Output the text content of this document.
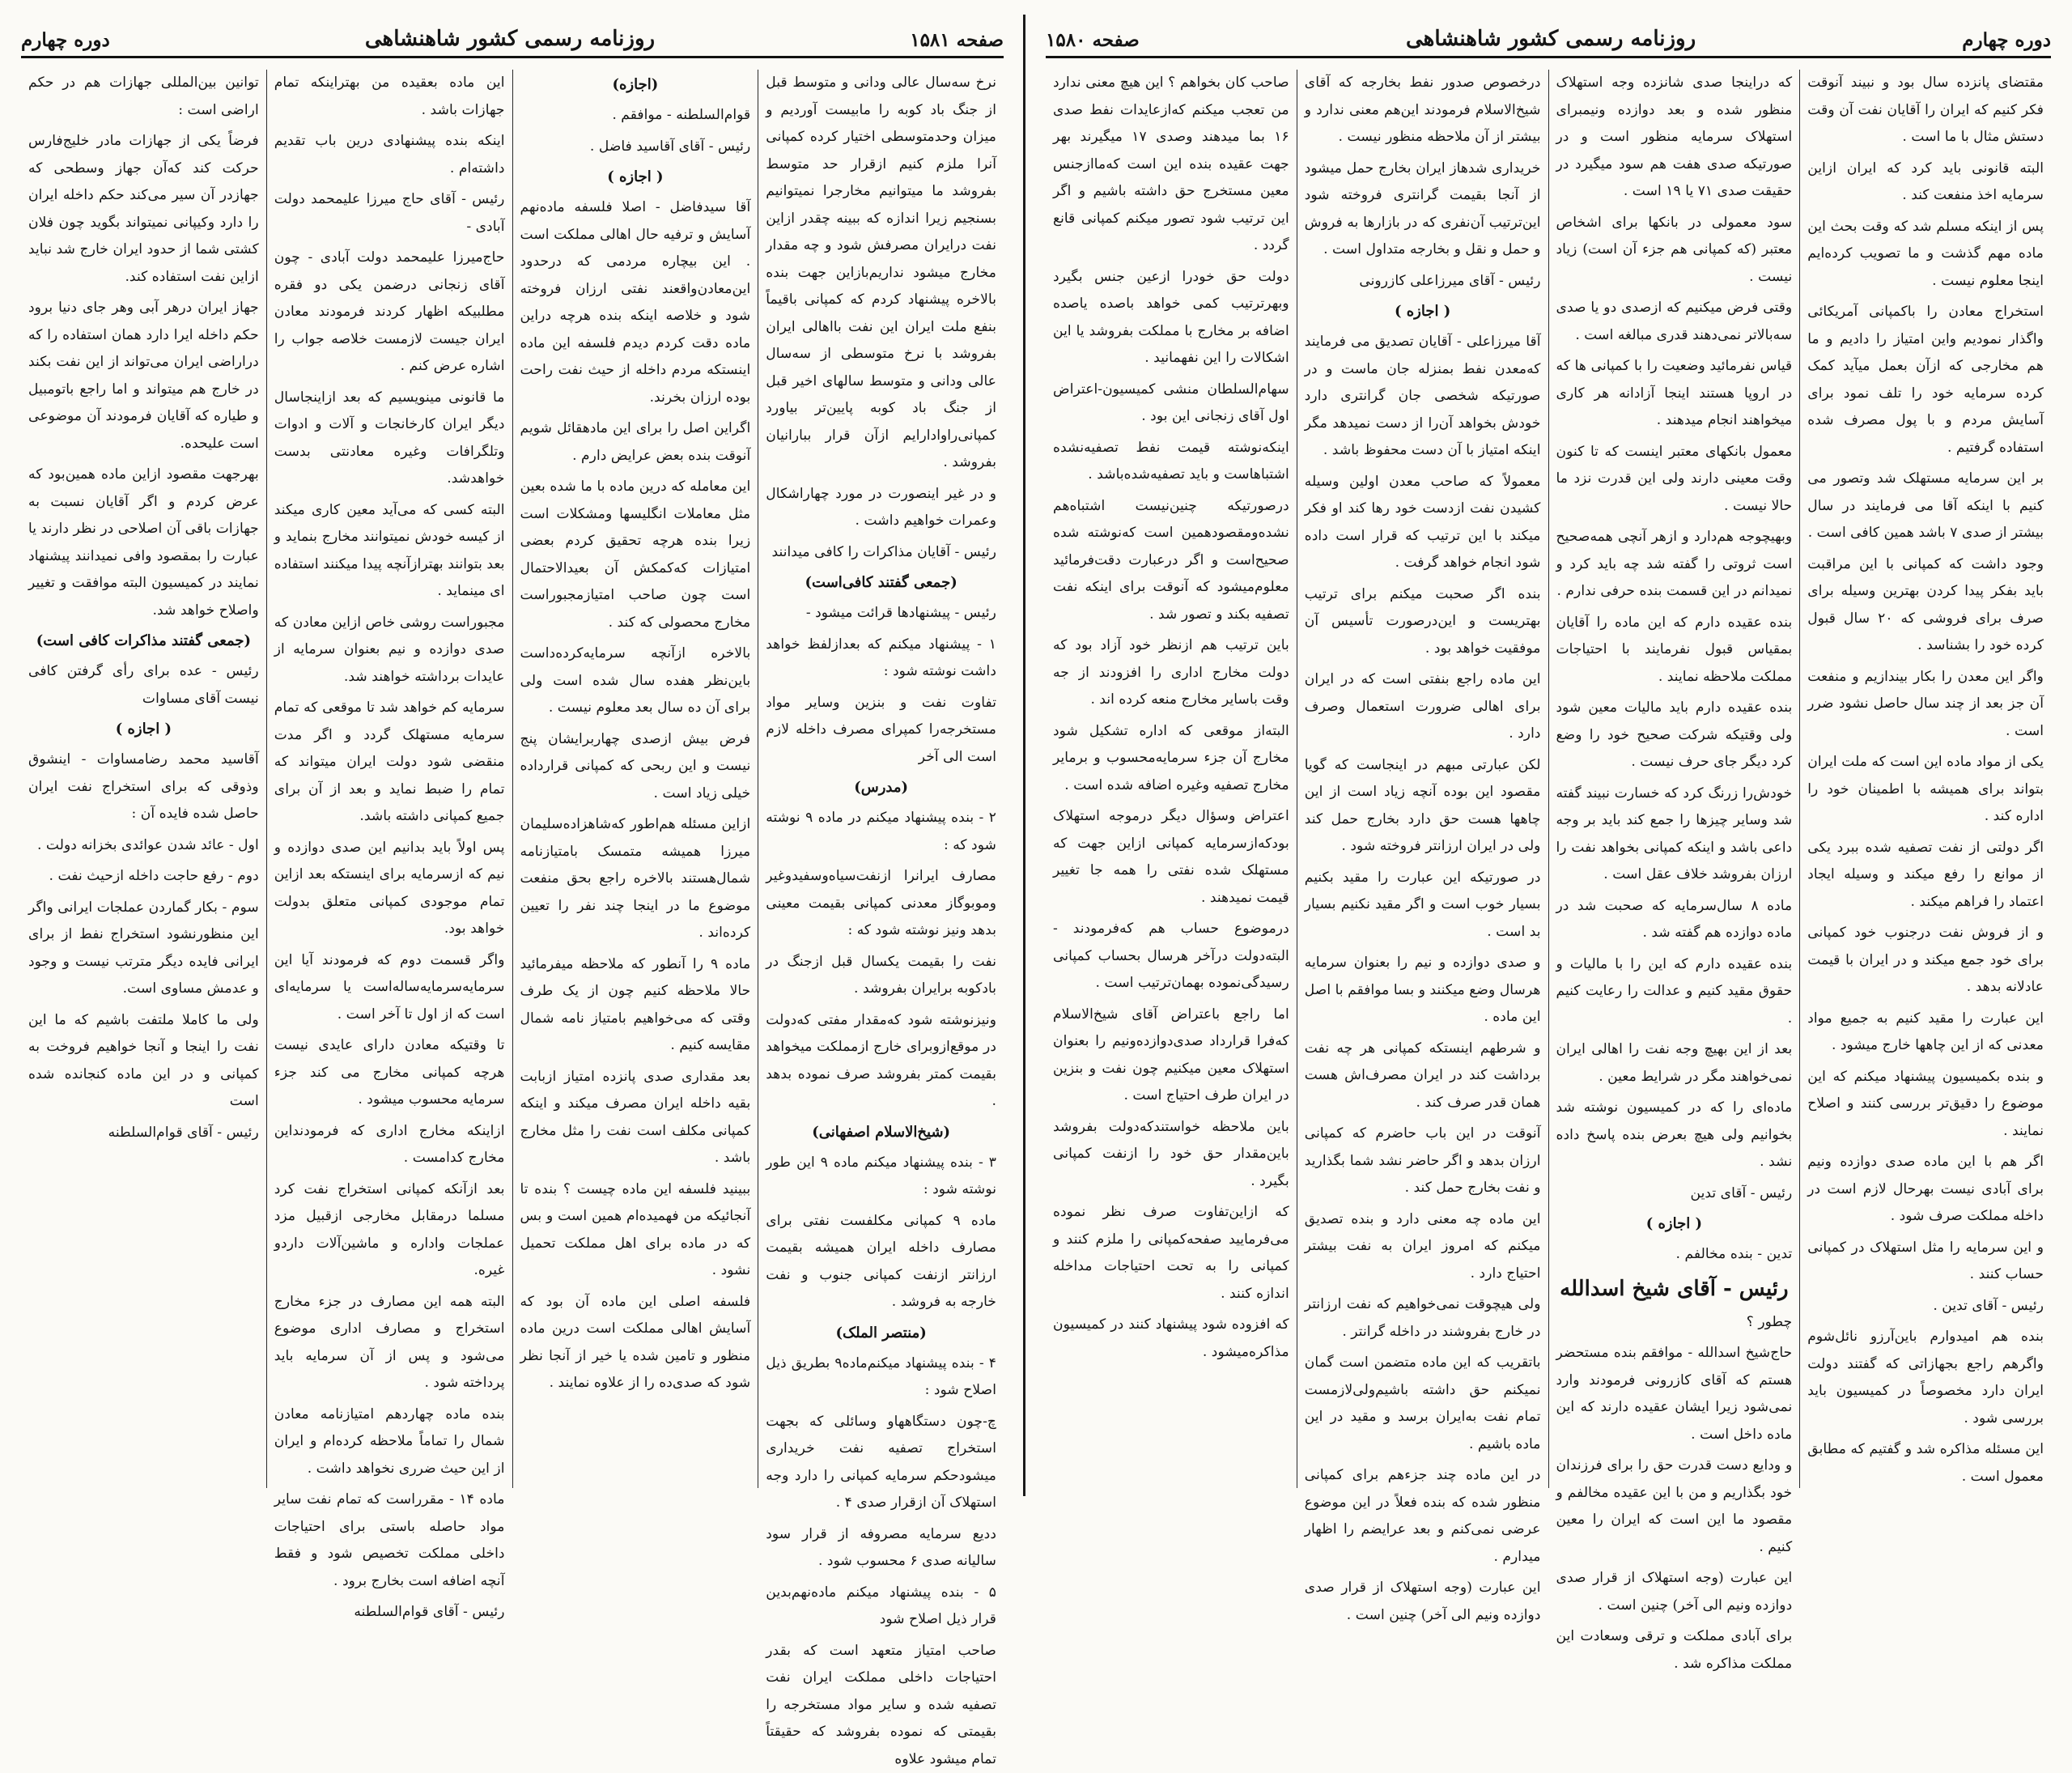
صفحه ۱۵۸۱
روزنامه رسمی کشور شاهنشاهی
دوره چهارم

نرخ سه‌سال عالی ودانی و متوسط قبل از جنگ باد کوبه را مابیست آوردیم و میزان وحدمتوسطی اختیار کرده کمپانی آنرا ملزم کنیم ازقرار حد متوسط بفروشد ما میتوانیم مخارجرا نمیتوانیم بسنجیم زیرا اندازه که ببینه چقدر ازاین نفت درایران مصرفش شود و چه مقدار مخارج میشود نداریم‌بازاین جهت بنده بالاخره پیشنهاد کردم که کمپانی باقیماً بنفع ملت ایران این نفت بااهالی ایران بفروشد با نرخ متوسطی از سه‌سال عالی ودانی و متوسط سالهای اخیر قبل از جنگ باد کوبه پایین‌تر بیاورد کمپانی‌راوادارایم ازآن قرار ببارانیان بفروشد .

و در غیر اینصورت در مورد چهاراشکال وعمرات خواهیم داشت .

رئیس - آقایان مذاکرات را کافی میدانند

(جمعی گفتند کافی‌است)

رئیس - پیشنهادها قرائت میشود -

۱ - پیشنهاد میکنم که بعدازلفظ خواهد داشت نوشته شود :

تفاوت نفت و بنزین وسایر مواد مستخرجه‌را کمپرای مصرف داخله لازم است الی آخر

(مدرس)

۲ - بنده پیشنهاد میکنم در ماده ۹ نوشته شود که :

مصارف ایرانرا ازنفت‌سیاه‌وسفیدوغیر وموبوگاز معدنی کمپانی بقیمت معینی بدهد ونیز نوشته شود که :

نفت را بقیمت یکسال قبل ازجنگ در بادکوبه برایران بفروشد .

ونیزنوشته شود که‌مقدار مفتی که‌دولت در موقع‌ازوبرای خارج ازمملکت میخواهد بقیمت کمتر بفروشد صرف نموده بدهد .

(شیخ‌الاسلام اصفهانی)

۳ - بنده پیشنهاد میکنم ماده ۹ این طور نوشته شود :

ماده ۹ کمپانی مکلفست نفتی برای مصارف داخله ایران همیشه بقیمت ارزانتر ازنفت کمپانی جنوب و نفت خارجه به فروشد .

(منتصر الملک)

۴ - بنده پیشنهاد میکنم‌ماده۹ بطریق ذیل اصلاح شود :

چ-چون دستگاههاو وسائلی که بجهت استخراج تصفیه نفت خریداری میشودحکم سرمایه کمپانی را دارد وجه استهلاک آن ازقرار صدی ۴ .

ددیع سرمایه مصروفه از قرار سود سالیانه صدی ۶ محسوب شود .

۵ - بنده پیشنهاد میکنم ماده‌نهم‌بدین قرار ذیل اصلاح شود

صاحب امتیاز متعهد است که بقدر احتیاجات داخلی مملکت ایران نفت تصفیه شده و سایر مواد مستخرجه را بقیمتی که نموده بفروشد که حقیقتاً تمام میشود علاوه

(اجازه)

قوام‌السلطنه - موافقم .

رئیس - آقای آقاسید فاضل .

( اجازه )

آقا سیدفاضل - اصلا فلسفه ماده‌نهم آسایش و ترفیه حال اهالی مملکت است . این بیچاره مردمی که درحدود این‌معادن‌واقعند نفتی ارزان فروخته شود و خلاصه اینکه بنده هرچه دراین ماده دقت کردم دیدم فلسفه این ماده اینستکه مردم داخله از حیث نفت راحت بوده ارزان بخرند.

اگراین اصل را برای این مادهقائل شویم آنوقت بنده بعض عرایض دارم .

این معامله که درین ماده با ما شده بعین مثل معاملات انگلیسها ومشکلات است زیرا بنده هرچه تحقیق کردم بعضی امتیازات که‌کمکش آن بعیدالاحتمال است چون صاحب امتیازمجبوراست مخارج محصولی که کند .

بالاخره ازآنچه سرمایه‌کرده‌داست باین‌نظر هفده سال شده است ولی برای آن ده سال بعد معلوم نیست .

فرض بیش ازصدی چهاربرایشان پنج نیست و این ربحی که کمپانی قرارداده خیلی زیاد است .

ازاین مسئله هم‌اطور که‌شاهزاده‌سلیمان میرزا همیشه متمسک بامتیازنامه شمال‌هستند بالاخره راجع بحق منفعت موضوع ما در اینجا چند نفر را تعیین کرده‌اند .

ماده ۹ را آنطور که ملاحظه میفرمائید حالا ملاحظه کنیم چون از یک طرف وقتی که می‌خواهیم بامتیاز نامه شمال مقایسه کنیم .

بعد مقداری صدی پانزده امتیاز ازبابت بقیه داخله ایران مصرف میکند و اینکه کمپانی مکلف است نفت را مثل مخارج باشد .

ببینید فلسفه این ماده چیست ؟ بنده تا آنجائیکه من فهمیده‌ام همین است و بس که در ماده برای اهل مملکت تحمیل نشود .

فلسفه اصلی این ماده آن بود که آسایش اهالی مملکت است درین ماده منظور و تامین شده یا خیر از آنجا نظر شود که صدی‌ده را از علاوه نمایند .

این ماده بعقیده من بهتراینکه تمام جهازات باشد .

اینکه بنده پیشنهادی درین باب تقدیم داشته‌ام .

رئیس - آقای حاج میرزا علیمحمد دولت آبادی -

حاج‌میرزا علیمحمد دولت آبادی - چون آقای زنجانی درضمن یکی دو فقره مطلبیکه اظهار کردند فرمودند معادن ایران جیست لازمست خلاصه جواب را اشاره عرض کنم .

ما قانونی مینویسیم که بعد ازاینجاسال دیگر ایران کارخانجات و آلات و ادوات وتلگرافات وغیره معادنتی بدست خواهدشد.

البته کسی که می‌آید معین کاری میکند از کیسه خودش نمیتوانند مخارج بنماید و بعد بتوانند بهترازآنچه پیدا میکنند استفاده ای مینماید .

مجبوراست روشی خاص ازاین معادن که صدی دوازده و نیم بعنوان سرمایه از عایدات برداشته خواهند شد.

سرمایه کم خواهد شد تا موقعی که تمام سرمایه مستهلک گردد و اگر مدت منقضی شود دولت ایران میتواند که تمام را ضبط نماید و بعد از آن برای جمیع کمپانی داشته باشد.

پس اولاً باید بدانیم این صدی دوازده و نیم که ازسرمایه برای اینستکه بعد ازاین تمام موجودی کمپانی متعلق بدولت خواهد بود.

واگر قسمت دوم که فرمودند آیا این سرمایه‌سرمایه‌ساله‌است یا سرمایه‌ای است که از اول تا آخر است .

تا وقتیکه معادن دارای عایدی نیست هرچه کمپانی مخارج می کند جزء سرمایه محسوب میشود .

ازاینکه مخارج اداری که فرمودنداین مخارج کدامست .

بعد ازآنکه کمپانی استخراج نفت کرد مسلما درمقابل مخارجی ازقبیل مزد عملجات واداره و ماشین‌آلات داردو غیره.

البته همه این مصارف در جزء مخارج استخراج و مصارف اداری موضوع می‌شود و پس از آن سرمایه باید پرداخته شود .

بنده ماده چهاردهم امتیازنامه معادن شمال را تماماً ملاحظه کرده‌ام و ایران از این حیث ضرری نخواهد داشت .

ماده ۱۴ - مقرراست که تمام نفت سایر مواد حاصله باستی برای احتیاجات داخلی مملکت تخصیص شود و فقط آنچه اضافه است بخارج برود .

رئیس - آقای قوام‌السلطنه

توانین بین‌المللی جهازات هم در حکم اراضی است :

فرضاً یکی از جهازات مادر خلیج‌فارس حرکت کند که‌آن جهاز وسطحی که جهازدر آن سیر می‌کند حکم داخله ایران را دارد وکیپانی نمیتواند بگوید چون فلان کشتی شما از حدود ایران خارج شد نباید ازاین نفت استفاده کند.

جهاز ایران درهر آبی وهر جای دنیا برود حکم داخله ایرا دارد همان استفاده را که دراراضی ایران می‌تواند از این نفت بکند در خارج هم میتواند و اما راجع باتومبیل و طیاره که آقایان فرمودند آن موضوعی است علیحده.

بهرجهت مقصود ازاین ماده همین‌بود که عرض کردم و اگر آقایان نسبت به جهازات باقی آن اصلاحی در نظر دارند یا عبارت را بمقصود وافی نمیدانند پیشنهاد نمایند در کمیسیون البته موافقت و تغییر واصلاح خواهد شد.

(جمعی گفتند مذاکرات کافی است)

رئیس - عده برای رأی گرفتن کافی نیست آقای مساوات

( اجازه )

آقاسید محمد رضامساوات - اینشوق وذوقی که برای استخراج نفت ایران حاصل شده فایده آن :

اول - عائد شدن عوائدی بخزانه دولت .

دوم - رفع حاجت داخله ازحیث نفت .

سوم - بکار گماردن عملجات ایرانی واگر این منظورنشود استخراج نفط از برای ایرانی فایده دیگر مترتب نیست و وجود و عدمش مساوی است.

ولی ما کاملا ملتفت باشیم که ما این نفت را اینجا و آنجا خواهیم فروخت به کمپانی و در این ماده کنجانده شده است

رئیس - آقای قوام‌السلطنه

دوره چهارم
روزنامه رسمی کشور شاهنشاهی
صفحه ۱۵۸۰

مقتضای پانزده سال بود و نبیند آنوقت فکر کنیم که ایران را آقایان نفت آن وقت دستش مثال با ما است .

البته قانونی باید کرد که ایران ازاین سرمایه اخذ منفعت کند .

پس از اینکه مسلم شد که وقت بحث این ماده مهم گذشت و ما تصویب کرده‌ایم اینجا معلوم نیست .

استخراج معادن را باکمپانی آمریکائی واگذار نمودیم واین امتیاز را دادیم و ما هم مخارجی که ازآن بعمل میآید کمک کرده سرمایه خود را تلف نمود برای آسایش مردم و با پول مصرف شده استفاده گرفتیم .

بر این سرمایه مستهلک شد وتصور می کنیم با اینکه آقا می فرمایند در سال بیشتر از صدی ۷ باشد همین کافی است .

وجود داشت که کمپانی با این مراقبت باید بفکر پیدا کردن بهترین وسیله برای صرف برای فروشی که ۲۰ سال قبول کرده خود را بشناسد .

واگر این معدن را بکار بیندازیم و منفعت آن جز بعد از چند سال حاصل نشود ضرر است .

یکی از مواد ماده این است که ملت ایران بتواند برای همیشه با اطمینان خود را اداره کند .

اگر دولتی از نفت تصفیه شده ببرد یکی از موانع را رفع میکند و وسیله ایجاد اعتماد را فراهم میکند .

و از فروش نفت درجنوب خود کمپانی برای خود جمع میکند و در ایران با قیمت عادلانه بدهد .

این عبارت را مقید کنیم به جمیع مواد معدنی که از این چاهها خارج میشود .

و بنده بکمیسیون پیشنهاد میکنم که این موضوع را دقیق‌تر بررسی کنند و اصلاح نمایند .

اگر هم با این ماده صدی دوازده ونیم برای آبادی نیست بهرحال لازم است در داخله مملکت صرف شود .

و این سرمایه را مثل استهلاک در کمپانی حساب کنند .

رئیس - آقای تدین .

بنده هم امیدوارم باین‌آرزو نائل‌شوم واگرهم راجع بجهازاتی که گفتند دولت ایران دارد مخصوصاً در کمیسیون باید بررسی شود .

این مسئله مذاکره شد و گفتیم که مطابق معمول است .

که دراینجا صدی شانزده وجه استهلاک منظور شده و بعد دوازده ونیمبرای استهلاک سرمایه منظور است و در صورتیکه صدی هفت هم سود میگیرد در حقیقت صدی ۷۱ یا ۱۹ است .

سود معمولی در بانکها برای اشخاص معتبر (که کمپانی هم جزء آن است) زیاد نیست .

وقتی فرض میکنیم که ازصدی دو یا صدی سه‌بالاتر نمی‌دهند قدری مبالغه است .

قیاس نفرمائید وضعیت را با کمپانی ها که در اروپا هستند اینجا آزادانه هر کاری میخواهند انجام میدهند .

معمول بانکهای معتبر اینست که تا کنون وقت معینی دارند ولی این قدرت نزد ما حالا نیست .

وبهیچوجه هم‌دارد و ازهر آنچی همه‌صحیح است ثروتی را گفته شد چه باید کرد و نمیدانم در این قسمت بنده حرفی ندارم .

بنده عقیده دارم که این ماده را آقایان بمقیاس قبول نفرمایند با احتیاجات مملکت ملاحظه نمایند .

بنده عقیده دارم باید مالیات معین شود ولی وقتیکه شرکت صحیح خود را وضع کرد دیگر جای حرف نیست .

خودش‌را زرنگ کرد که خسارت نبیند گفته شد وسایر چیزها را جمع کند باید بر وجه داعی باشد و اینکه کمپانی بخواهد نفت را ارزان بفروشد خلاف عقل است .

ماده ۸ سال‌سرمایه که صحبت شد در ماده دوازده هم گفته شد .

بنده عقیده دارم که این را با مالیات و حقوق مقید کنیم و عدالت را رعایت کنیم .

بعد از این بهیچ وجه نفت را اهالی ایران نمی‌خواهند مگر در شرایط معین .

ماده‌ای را که در کمیسیون نوشته شد بخوانیم ولی هیچ بعرض بنده پاسخ داده نشد .

رئیس - آقای تدین

( اجازه )

تدین - بنده مخالفم .

رئیس - آقای شیخ اسدالله

چطور ؟

حاج‌شیخ اسدالله - موافقم بنده مستحضر هستم که آقای کازرونی فرمودند وارد نمی‌شود زیرا ایشان عقیده دارند که این ماده داخل است .

و ودایع دست قدرت حق را برای فرزندان خود بگذاریم و من با این عقیده مخالفم و مقصود ما این است که ایران را معین کنیم .

این عبارت (وجه استهلاک از قرار صدی دوازده ونیم الی آخر) چنین است .

برای آبادی مملکت و ترقی وسعادت این مملکت مذاکره شد .

درخصوص صدور نفط بخارجه که آقای شیخ‌الاسلام فرمودند این‌هم معنی ندارد و بیشتر از آن ملاحظه منظور نیست .

خریداری شدهاز ایران بخارج حمل میشود از آنجا بقیمت گرانتری فروخته شود این‌ترتیب آن‌نفری که در بازارها به فروش و حمل و نقل و بخارجه متداول است .

رئیس - آقای میرزاعلی کازرونی

( اجازه )

آقا میرزاعلی - آقایان تصدیق می فرمایند که‌معدن نفط بمنزله جان ماست و در صورتیکه شخصی جان گرانتری دارد خودش بخواهد آن‌را از دست نمیدهد مگر اینکه امتیاز با آن دست محفوظ باشد .

معمولاً که صاحب معدن اولین وسیله کشیدن نفت ازدست خود رها کند او فکر میکند با این ترتیب که قرار است داده شود انجام خواهد گرفت .

بنده اگر صحبت میکنم برای ترتیب بهتریست و این‌درصورت تأسیس آن موفقیت خواهد بود .

این ماده راجع بنفتی است که در ایران برای اهالی ضرورت استعمال وصرف دارد .

لکن عبارتی مبهم در اینجاست که گویا مقصود این بوده آنچه زیاد است از این چاهها هست حق دارد بخارج حمل کند ولی در ایران ارزانتر فروخته شود .

در صورتیکه این عبارت را مقید بکنیم بسیار خوب است و اگر مقید نکنیم بسیار بد است .

و صدی دوازده و نیم را بعنوان سرمایه هرسال وضع میکنند و بسا موافقم با اصل این ماده .

و شرطهم اینستکه کمپانی هر چه نفت برداشت کند در ایران مصرف‌اش هست همان قدر صرف کند .

آنوقت در این باب حاضرم که کمپانی ارزان بدهد و اگر حاضر نشد شما بگذارید و نفت بخارج حمل کند .

این ماده چه معنی دارد و بنده تصدیق میکنم که امروز ایران به نفت بیشتر احتیاج دارد .

ولی هیچوقت نمی‌خواهیم که نفت ارزانتر در خارج بفروشند در داخله گرانتر .

باتقریب که این ماده متضمن است گمان نمیکنم حق داشته باشیم‌ولی‌لازمست تمام نفت به‌ایران برسد و مقید در این ماده باشیم .

در این ماده چند جزءهم برای کمپانی منظور شده که بنده فعلاً در این موضوع عرضی نمی‌کنم و بعد عرایضم را اظهار میدارم .

این عبارت (وجه استهلاک از قرار صدی دوازده ونیم الی آخر) چنین است .

صاحب کان بخواهم ؟ این هیچ معنی ندارد من تعجب میکنم که‌ازعایدات نفط صدی ۱۶ بما میدهند وصدی ۱۷ میگیرند بهر جهت عقیده بنده این است که‌ماازجنس معین مستخرج حق داشته باشیم و اگر این ترتیب شود تصور میکنم کمپانی قانع گردد .

دولت حق خودرا ازعین جنس بگیرد وبهرترتیب کمی خواهد باصده یاصده اضافه بر مخارج با مملکت بفروشد یا این اشکالات را این نفهمانید .

سهام‌السلطان منشی کمیسیون-اعتراض اول آقای زنجانی این بود .

اینکه‌نوشته قیمت نفط تصفیه‌نشده اشتباهاست و باید تصفیه‌شده‌باشد .

درصورتیکه چنین‌نیست اشتباه‌هم نشده‌ومقصودهمین است که‌نوشته شده صحیح‌است و اگر درعبارت دقت‌فرمائید معلوم‌میشود که آنوقت برای اینکه نفت تصفیه بکند و تصور شد .

باین ترتیب هم ازنظر خود آزاد بود که دولت مخارج اداری را افزودند از جه وقت باسایر مخارج منعه کرده اند .

البته‌از موقعی که اداره تشکیل شود مخارج آن جزء سرمایه‌محسوب و برمایر مخارج تصفیه وغیره اضافه شده است .

اعتراض وسؤال دیگر درموجه استهلاک بودکه‌ازسرمایه کمپانی ازاین جهت که مستهلک شده نفتی را همه جا تغییر قیمت نمیدهند .

درموضوع حساب هم که‌فرمودند - البته‌دولت درآخر هرسال بحساب کمپانی رسیدگی‌نموده بهمان‌ترتیب است .

اما راجع باعتراض آقای شیخ‌الاسلام که‌فرا قرارداد صدی‌دوازده‌ونیم را بعنوان استهلاک معین میکنیم چون نفت و بنزین در ایران طرف احتیاج است .

باین ملاحظه خواستندکه‌دولت بفروشد باین‌مقدار حق خود را ازنفت کمپانی بگیرد .

که ازاین‌تفاوت صرف نظر نموده می‌فرمایید صفحه‌کمپانی را ملزم کنند و کمپانی را به تحت احتیاجات مداخله اندازه کنند .

که افزوده شود پیشنهاد کنند در کمیسیون مذاکره‌میشود .
